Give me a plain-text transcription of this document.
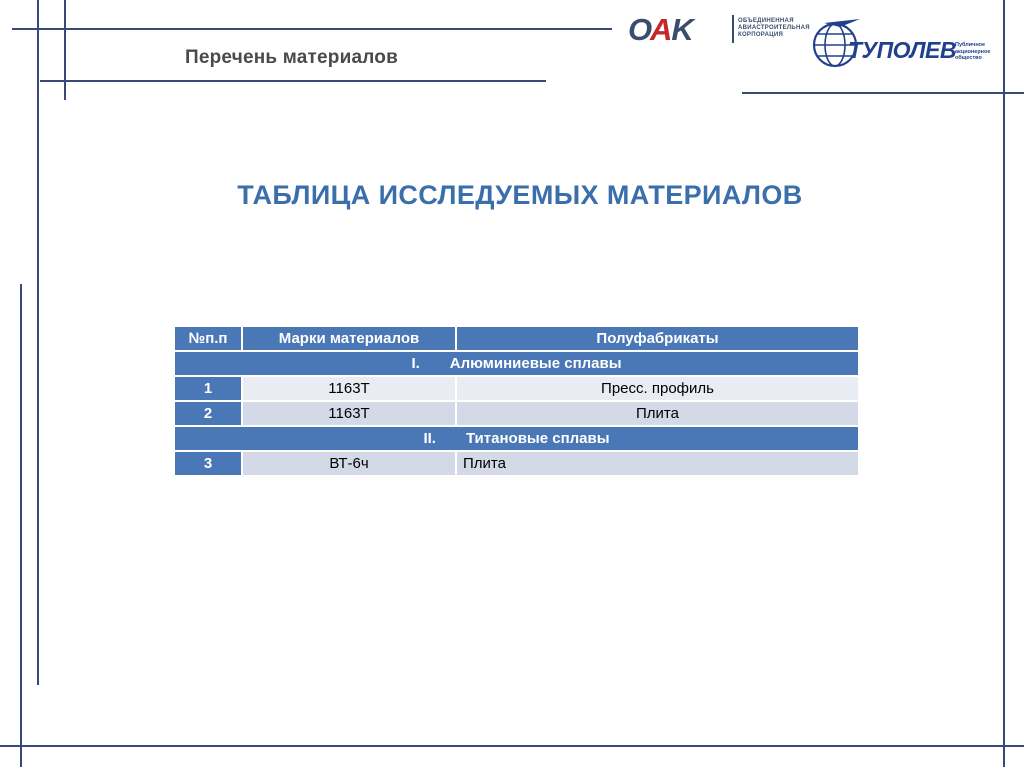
Перечень материалов
ОАK	ОБЪЕДИНЕННАЯ
АВИАСТРОИТЕЛЬНАЯ
КОРПОРАЦИЯ
ТУПОЛЕВ
Публичное
акционерное
общество
ТАБЛИЦА ИССЛЕДУЕМЫХ МАТЕРИАЛОВ
№п.п	Марки материалов	Полуфабрикаты
I. Алюминиевые сплавы		
1	1163Т	Пресс. профиль
2	1163Т	Плита
II. Титановые сплавы		
3	ВТ-6ч	Плита
